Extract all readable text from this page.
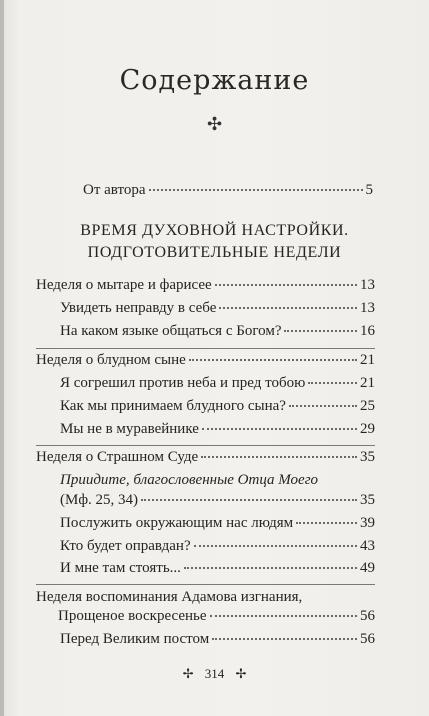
Содержание
✣
От автора	5
ВРЕМЯ ДУХОВНОЙ НАСТРОЙКИ.
ПОДГОТОВИТЕЛЬНЫЕ НЕДЕЛИ
Неделя о мытаре и фарисее	13
Увидеть неправду в себе	13
На каком языке общаться с Богом?	16
Неделя о блудном сыне	21
Я согрешил против неба и пред тобою	21
Как мы принимаем блудного сына?	25
Мы не в муравейнике	29
Неделя о Страшном Суде	35
Приидите, благословенные Отца Моего
(Мф. 25, 34)	35
Послужить окружающим нас людям	39
Кто будет оправдан?	43
И мне там стоять...	49
Неделя воспоминания Адамова изгнания,
Прощеное воскресенье	56
Перед Великим постом	56
✢ 314 ✢
